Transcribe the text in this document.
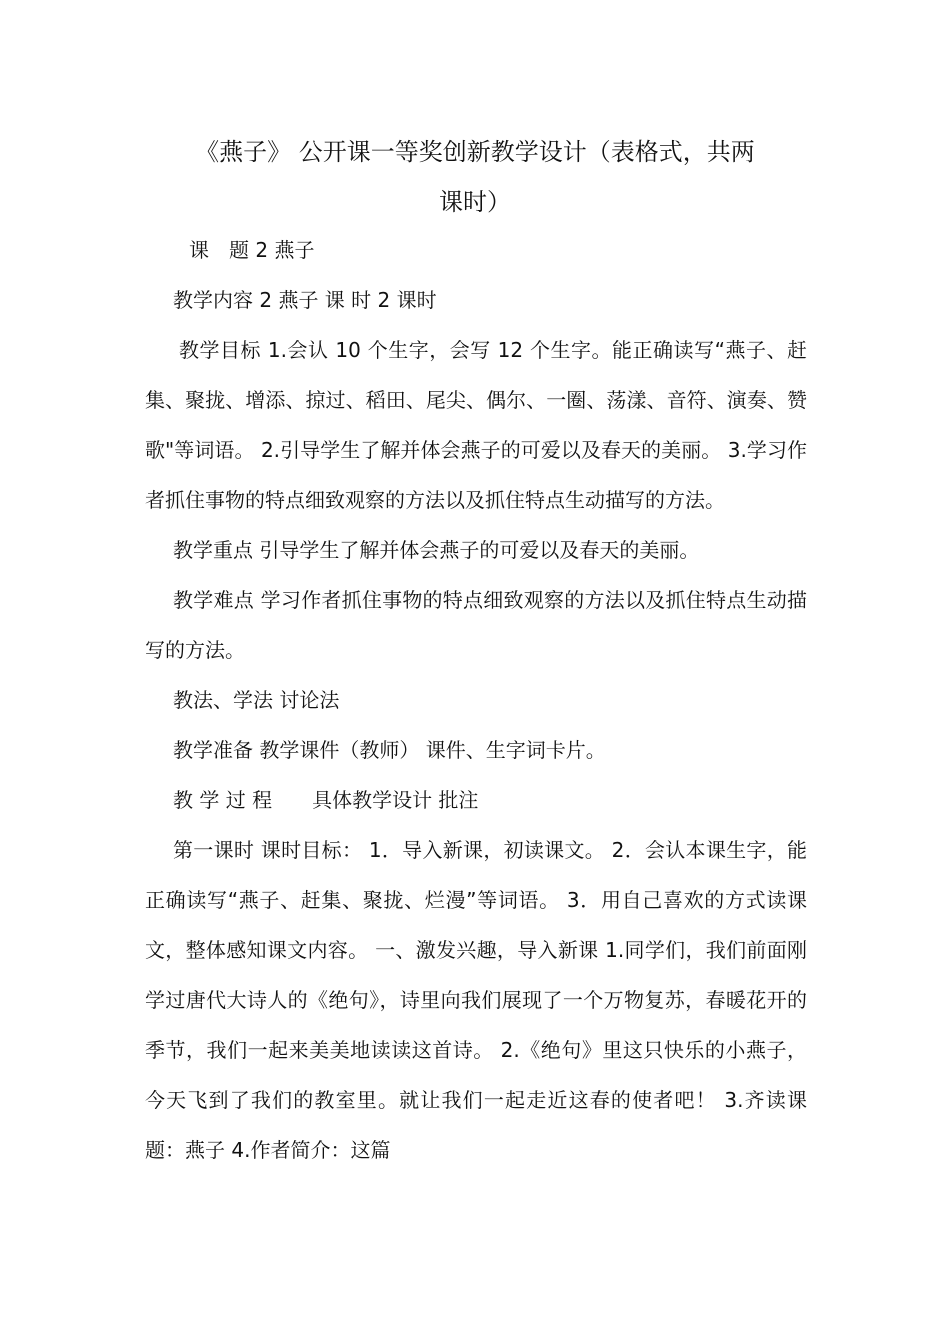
《燕子》 公开课一等奖创新教学设计（表格式，共两
课时）

课　题 2 燕子

教学内容 2 燕子 课 时 2 课时

教学目标 1.会认 10 个生字，会写 12 个生字。能正确读写“燕子、赶集、聚拢、增添、掠过、稻田、尾尖、偶尔、一圈、荡漾、音符、演奏、赞歌"等词语。 2.引导学生了解并体会燕子的可爱以及春天的美丽。 3.学习作者抓住事物的特点细致观察的方法以及抓住特点生动描写的方法。

教学重点 引导学生了解并体会燕子的可爱以及春天的美丽。

教学难点 学习作者抓住事物的特点细致观察的方法以及抓住特点生动描写的方法。

教法、学法 讨论法

教学准备 教学课件（教师） 课件、生字词卡片。

教 学 过 程　　具体教学设计 批注

第一课时 课时目标： 1．导入新课，初读课文。 2．会认本课生字，能正确读写“燕子、赶集、聚拢、烂漫”等词语。 3．用自己喜欢的方式读课文，整体感知课文内容。 一、激发兴趣，导入新课 1.同学们，我们前面刚学过唐代大诗人的《绝句》，诗里向我们展现了一个万物复苏，春暖花开的季节，我们一起来美美地读读这首诗。 2.《绝句》里这只快乐的小燕子，今天飞到了我们的教室里。就让我们一起走近这春的使者吧！ 3.齐读课题：燕子 4.作者简介：这篇
